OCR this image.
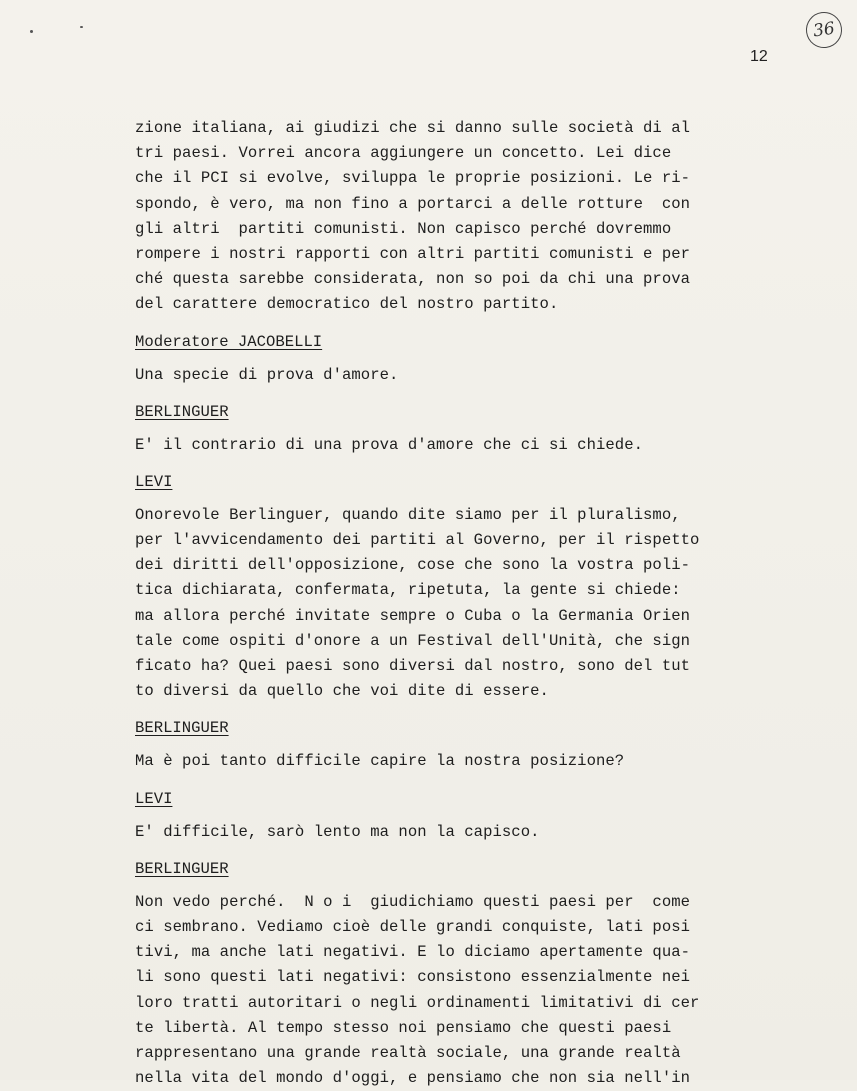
36
12
zione italiana, ai giudizi che si danno sulle società di al
tri paesi. Vorrei ancora aggiungere un concetto. Lei dice
che il PCI si evolve, sviluppa le proprie posizioni. Le ri-
spondo, è vero, ma non fino a portarci a delle rotture  con
gli altri  partiti comunisti. Non capisco perché dovremmo
rompere i nostri rapporti con altri partiti comunisti e per
ché questa sarebbe considerata, non so poi da chi una prova
del carattere democratico del nostro partito.
Moderatore JACOBELLI
Una specie di prova d'amore.
BERLINGUER
E' il contrario di una prova d'amore che ci si chiede.
LEVI
Onorevole Berlinguer, quando dite siamo per il pluralismo,
per l'avvicendamento dei partiti al Governo, per il rispetto
dei diritti dell'opposizione, cose che sono la vostra poli-
tica dichiarata, confermata, ripetuta, la gente si chiede:
ma allora perché invitate sempre o Cuba o la Germania Orien
tale come ospiti d'onore a un Festival dell'Unità, che sign
ficato ha? Quei paesi sono diversi dal nostro, sono del tut
to diversi da quello che voi dite di essere.
BERLINGUER
Ma è poi tanto difficile capire la nostra posizione?
LEVI
E' difficile, sarò lento ma non la capisco.
BERLINGUER
Non vedo perché.  N o i  giudichiamo questi paesi per  come
ci sembrano. Vediamo cioè delle grandi conquiste, lati posi
tivi, ma anche lati negativi. E lo diciamo apertamente qua-
li sono questi lati negativi: consistono essenzialmente nei
loro tratti autoritari o negli ordinamenti limitativi di cer
te libertà. Al tempo stesso noi pensiamo che questi paesi
rappresentano una grande realtà sociale, una grande realtà
nella vita del mondo d'oggi, e pensiamo che non sia nell'in
